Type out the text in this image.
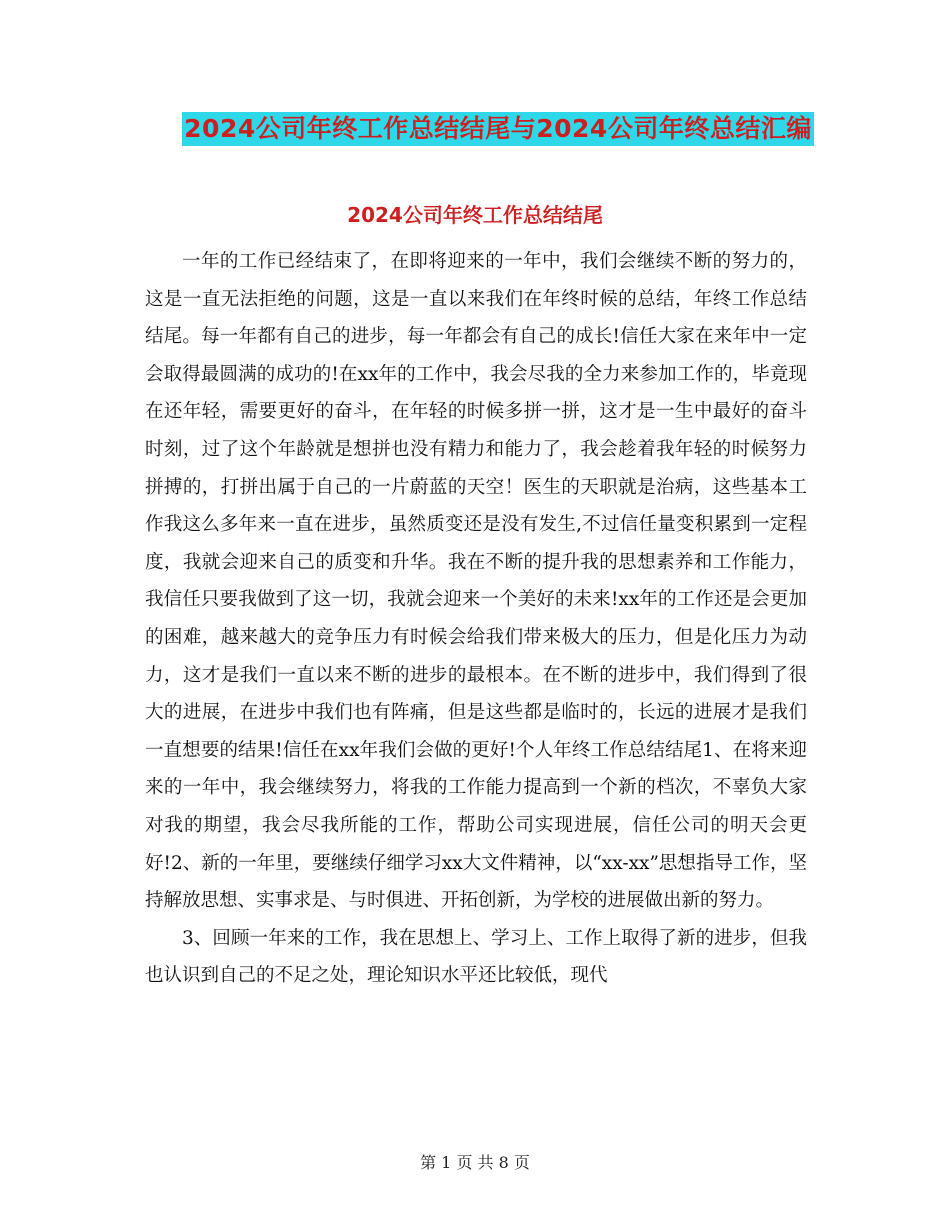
2024公司年终工作总结结尾与2024公司年终总结汇编
2024公司年终工作总结结尾

一年的工作已经结束了，在即将迎来的一年中，我们会继续不断的努力的，这是一直无法拒绝的问题，这是一直以来我们在年终时候的总结，年终工作总结结尾。每一年都有自己的进步，每一年都会有自己的成长!信任大家在来年中一定会取得最圆满的成功的!在xx年的工作中，我会尽我的全力来参加工作的，毕竟现在还年轻，需要更好的奋斗，在年轻的时候多拼一拼，这才是一生中最好的奋斗时刻，过了这个年龄就是想拼也没有精力和能力了，我会趁着我年轻的时候努力拼搏的，打拼出属于自己的一片蔚蓝的天空！医生的天职就是治病，这些基本工作我这么多年来一直在进步，虽然质变还是没有发生,不过信任量变积累到一定程度，我就会迎来自己的质变和升华。我在不断的提升我的思想素养和工作能力，我信任只要我做到了这一切，我就会迎来一个美好的未来!xx年的工作还是会更加的困难，越来越大的竞争压力有时候会给我们带来极大的压力，但是化压力为动力，这才是我们一直以来不断的进步的最根本。在不断的进步中，我们得到了很大的进展，在进步中我们也有阵痛，但是这些都是临时的，长远的进展才是我们一直想要的结果!信任在xx年我们会做的更好!个人年终工作总结结尾1、在将来迎来的一年中，我会继续努力，将我的工作能力提高到一个新的档次，不辜负大家对我的期望，我会尽我所能的工作，帮助公司实现进展，信任公司的明天会更好!2、新的一年里，要继续仔细学习xx大文件精神，以“xx-xx”思想指导工作，坚持解放思想、实事求是、与时俱进、开拓创新，为学校的进展做出新的努力。

3、回顾一年来的工作，我在思想上、学习上、工作上取得了新的进步，但我也认识到自己的不足之处，理论知识水平还比较低，现代

第 1 页 共 8 页
